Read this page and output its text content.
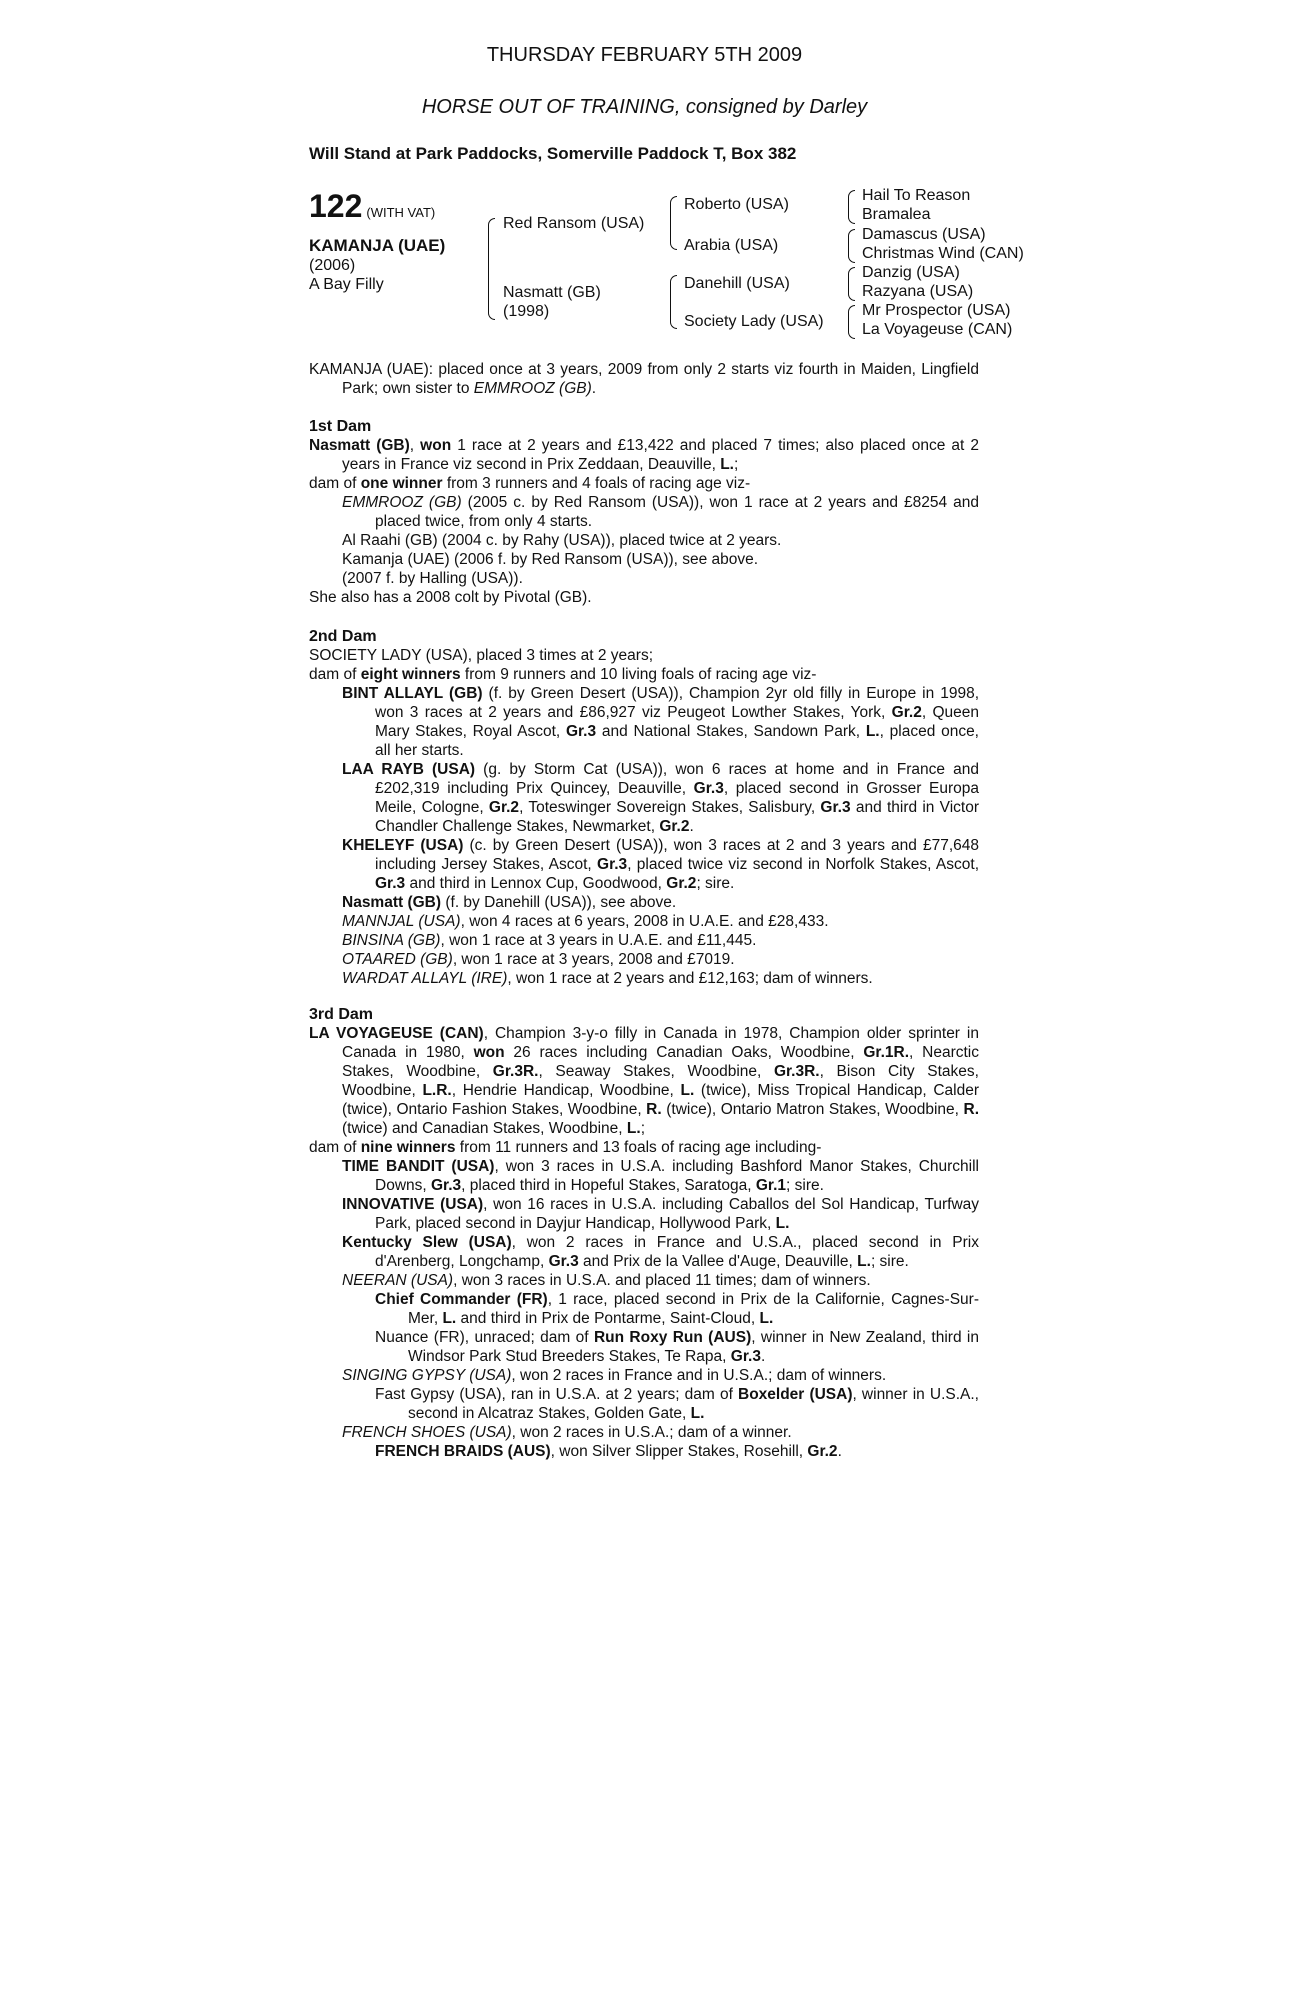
THURSDAY FEBRUARY 5TH 2009
HORSE OUT OF TRAINING, consigned by Darley
Will Stand at Park Paddocks, Somerville Paddock T, Box 382
122 (WITH VAT)
KAMANJA (UAE)
(2006)
A Bay Filly
Red Ransom (USA)
Nasmatt (GB)
(1998)
Roberto (USA)
Arabia (USA)
Danehill (USA)
Society Lady (USA)
Hail To Reason
Bramalea
Damascus (USA)
Christmas Wind (CAN)
Danzig (USA)
Razyana (USA)
Mr Prospector (USA)
La Voyageuse (CAN)

KAMANJA (UAE): placed once at 3 years, 2009 from only 2 starts viz fourth in Maiden, Lingfield Park; own sister to EMMROOZ (GB).

1st Dam

Nasmatt (GB), won 1 race at 2 years and £13,422 and placed 7 times; also placed once at 2 years in France viz second in Prix Zeddaan, Deauville, L.;

dam of one winner from 3 runners and 4 foals of racing age viz-

EMMROOZ (GB) (2005 c. by Red Ransom (USA)), won 1 race at 2 years and £8254 and placed twice, from only 4 starts.

Al Raahi (GB) (2004 c. by Rahy (USA)), placed twice at 2 years.

Kamanja (UAE) (2006 f. by Red Ransom (USA)), see above.

(2007 f. by Halling (USA)).

She also has a 2008 colt by Pivotal (GB).

2nd Dam

SOCIETY LADY (USA), placed 3 times at 2 years;

dam of eight winners from 9 runners and 10 living foals of racing age viz-

BINT ALLAYL (GB) (f. by Green Desert (USA)), Champion 2yr old filly in Europe in 1998, won 3 races at 2 years and £86,927 viz Peugeot Lowther Stakes, York, Gr.2, Queen Mary Stakes, Royal Ascot, Gr.3 and National Stakes, Sandown Park, L., placed once, all her starts.

LAA RAYB (USA) (g. by Storm Cat (USA)), won 6 races at home and in France and £202,319 including Prix Quincey, Deauville, Gr.3, placed second in Grosser Europa Meile, Cologne, Gr.2, Toteswinger Sovereign Stakes, Salisbury, Gr.3 and third in Victor Chandler Challenge Stakes, Newmarket, Gr.2.

KHELEYF (USA) (c. by Green Desert (USA)), won 3 races at 2 and 3 years and £77,648 including Jersey Stakes, Ascot, Gr.3, placed twice viz second in Norfolk Stakes, Ascot, Gr.3 and third in Lennox Cup, Goodwood, Gr.2; sire.

Nasmatt (GB) (f. by Danehill (USA)), see above.

MANNJAL (USA), won 4 races at 6 years, 2008 in U.A.E. and £28,433.

BINSINA (GB), won 1 race at 3 years in U.A.E. and £11,445.

OTAARED (GB), won 1 race at 3 years, 2008 and £7019.

WARDAT ALLAYL (IRE), won 1 race at 2 years and £12,163; dam of winners.

3rd Dam

LA VOYAGEUSE (CAN), Champion 3-y-o filly in Canada in 1978, Champion older sprinter in Canada in 1980, won 26 races including Canadian Oaks, Woodbine, Gr.1R., Nearctic Stakes, Woodbine, Gr.3R., Seaway Stakes, Woodbine, Gr.3R., Bison City Stakes, Woodbine, L.R., Hendrie Handicap, Woodbine, L. (twice), Miss Tropical Handicap, Calder (twice), Ontario Fashion Stakes, Woodbine, R. (twice), Ontario Matron Stakes, Woodbine, R. (twice) and Canadian Stakes, Woodbine, L.;

dam of nine winners from 11 runners and 13 foals of racing age including-

TIME BANDIT (USA), won 3 races in U.S.A. including Bashford Manor Stakes, Churchill Downs, Gr.3, placed third in Hopeful Stakes, Saratoga, Gr.1; sire.

INNOVATIVE (USA), won 16 races in U.S.A. including Caballos del Sol Handicap, Turfway Park, placed second in Dayjur Handicap, Hollywood Park, L.

Kentucky Slew (USA), won 2 races in France and U.S.A., placed second in Prix d'Arenberg, Longchamp, Gr.3 and Prix de la Vallee d'Auge, Deauville, L.; sire.

NEERAN (USA), won 3 races in U.S.A. and placed 11 times; dam of winners.

Chief Commander (FR), 1 race, placed second in Prix de la Californie, Cagnes-Sur-Mer, L. and third in Prix de Pontarme, Saint-Cloud, L.

Nuance (FR), unraced; dam of Run Roxy Run (AUS), winner in New Zealand, third in Windsor Park Stud Breeders Stakes, Te Rapa, Gr.3.

SINGING GYPSY (USA), won 2 races in France and in U.S.A.; dam of winners.

Fast Gypsy (USA), ran in U.S.A. at 2 years; dam of Boxelder (USA), winner in U.S.A., second in Alcatraz Stakes, Golden Gate, L.

FRENCH SHOES (USA), won 2 races in U.S.A.; dam of a winner.

FRENCH BRAIDS (AUS), won Silver Slipper Stakes, Rosehill, Gr.2.
